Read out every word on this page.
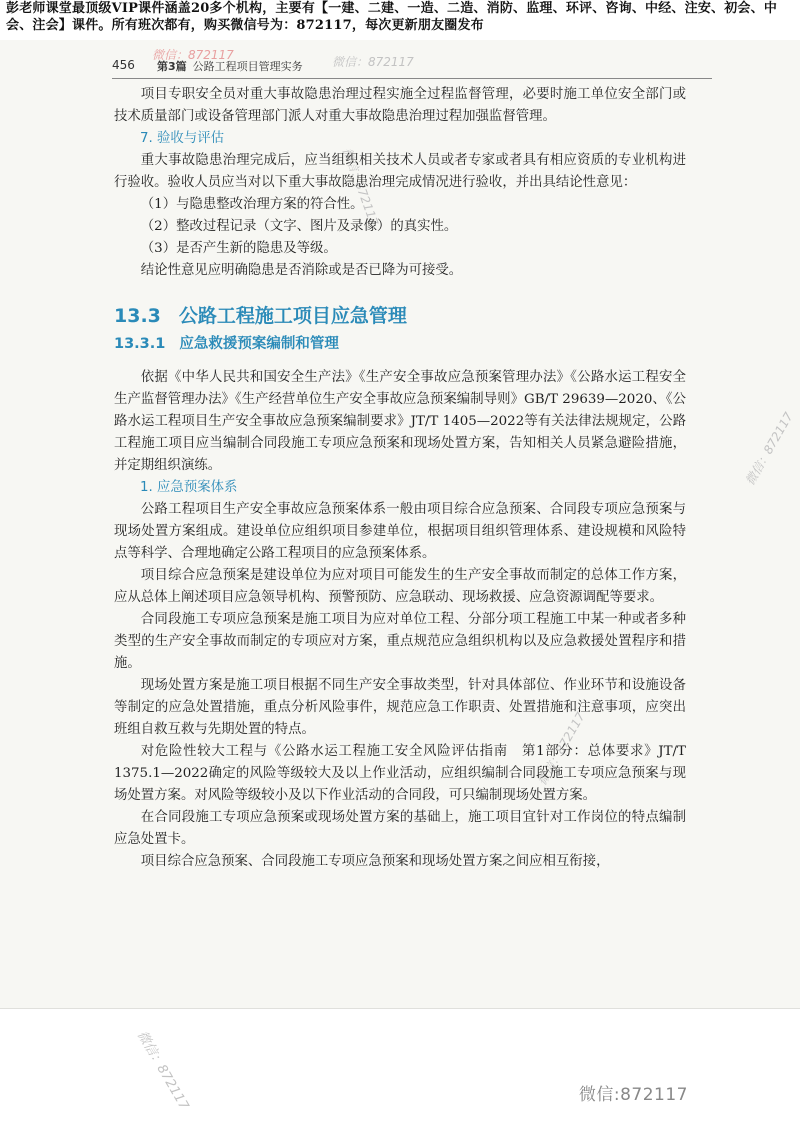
彭老师课堂最顶级VIP课件涵盖20多个机构，主要有【一建、二建、一造、二造、消防、监理、环评、咨询、中经、注安、初会、中会、注会】课件。所有班次都有，购买微信号为：872117，每次更新朋友圈发布
456 第3篇 公路工程项目管理实务
微信：872117	微信：872117
微信：872117
微信：872117
微信：872117

项目专职安全员对重大事故隐患治理过程实施全过程监督管理，必要时施工单位安全部门或技术质量部门或设备管理部门派人对重大事故隐患治理过程加强监督管理。

7. 验收与评估

重大事故隐患治理完成后，应当组织相关技术人员或者专家或者具有相应资质的专业机构进行验收。验收人员应当对以下重大事故隐患治理完成情况进行验收，并出具结论性意见：

（1）与隐患整改治理方案的符合性。

（2）整改过程记录（文字、图片及录像）的真实性。

（3）是否产生新的隐患及等级。

结论性意见应明确隐患是否消除或是否已降为可接受。

13.3 公路工程施工项目应急管理
13.3.1 应急救援预案编制和管理

依据《中华人民共和国安全生产法》《生产安全事故应急预案管理办法》《公路水运工程安全生产监督管理办法》《生产经营单位生产安全事故应急预案编制导则》GB/T 29639—2020、《公路水运工程项目生产安全事故应急预案编制要求》JT/T 1405—2022等有关法律法规规定，公路工程施工项目应当编制合同段施工专项应急预案和现场处置方案，告知相关人员紧急避险措施，并定期组织演练。

1. 应急预案体系

公路工程项目生产安全事故应急预案体系一般由项目综合应急预案、合同段专项应急预案与现场处置方案组成。建设单位应组织项目参建单位，根据项目组织管理体系、建设规模和风险特点等科学、合理地确定公路工程项目的应急预案体系。

项目综合应急预案是建设单位为应对项目可能发生的生产安全事故而制定的总体工作方案，应从总体上阐述项目应急领导机构、预警预防、应急联动、现场救援、应急资源调配等要求。

合同段施工专项应急预案是施工项目为应对单位工程、分部分项工程施工中某一种或者多种类型的生产安全事故而制定的专项应对方案，重点规范应急组织机构以及应急救援处置程序和措施。

现场处置方案是施工项目根据不同生产安全事故类型，针对具体部位、作业环节和设施设备等制定的应急处置措施，重点分析风险事件，规范应急工作职责、处置措施和注意事项，应突出班组自救互救与先期处置的特点。

对危险性较大工程与《公路水运工程施工安全风险评估指南　第1部分：总体要求》JT/T 1375.1—2022确定的风险等级较大及以上作业活动，应组织编制合同段施工专项应急预案与现场处置方案。对风险等级较小及以下作业活动的合同段，可只编制现场处置方案。

在合同段施工专项应急预案或现场处置方案的基础上，施工项目宜针对工作岗位的特点编制应急处置卡。

项目综合应急预案、合同段施工专项应急预案和现场处置方案之间应相互衔接，

微信：872117	微信:872117
